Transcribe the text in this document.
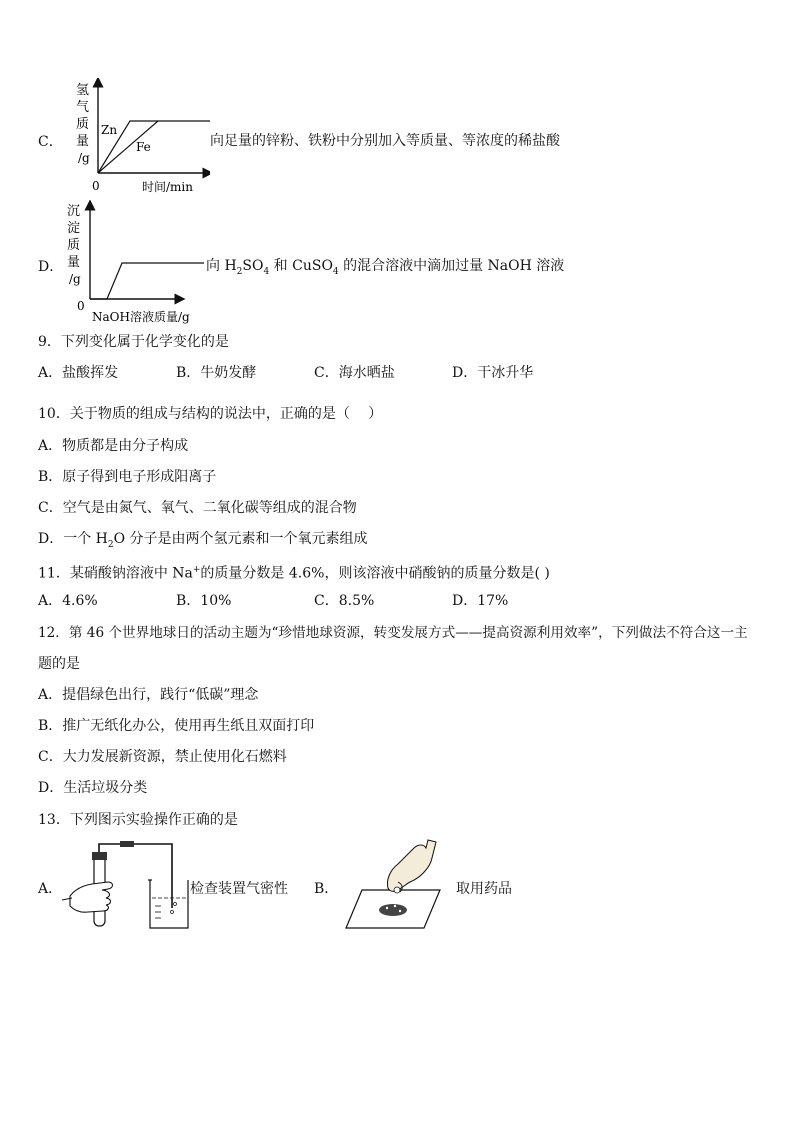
C．
氢
气
质
量
/g
0	时间/min
Zn
Fe	向足量的锌粉、铁粉中分别加入等质量、等浓度的稀盐酸
D．
沉
淀
质
量
/g
0
NaOH溶液质量/g
向 $H_2SO_4$ 和 CuSO$_4$ 的混合溶液中滴加过量 NaOH 溶液
9．下列变化属于化学变化的是
A．盐酸挥发	B．牛奶发酵	C．海水晒盐	D．干冰升华
10．关于物质的组成与结构的说法中，正确的是（　 ）
A．物质都是由分子构成
B．原子得到电子形成阳离子
C．空气是由氮气、氧气、二氧化碳等组成的混合物
D．一个 $H_2O$ 分子是由两个氢元素和一个氧元素组成
11．某硝酸钠溶液中 Na+的质量分数是 4.6%，则该溶液中硝酸钠的质量分数是( )
A．4.6%	B．10%	C．8.5%	D．17%
12．第 46 个世界地球日的活动主题为“珍惜地球资源，转变发展方式——提高资源利用效率”，下列做法不符合这一主
题的是
A．提倡绿色出行，践行“低碳”理念
B．推广无纸化办公，使用再生纸且双面打印
C．大力发展新资源，禁止使用化石燃料
D．生活垃圾分类
13．下列图示实验操作正确的是
A．	检查装置气密性 B．	取用药品
